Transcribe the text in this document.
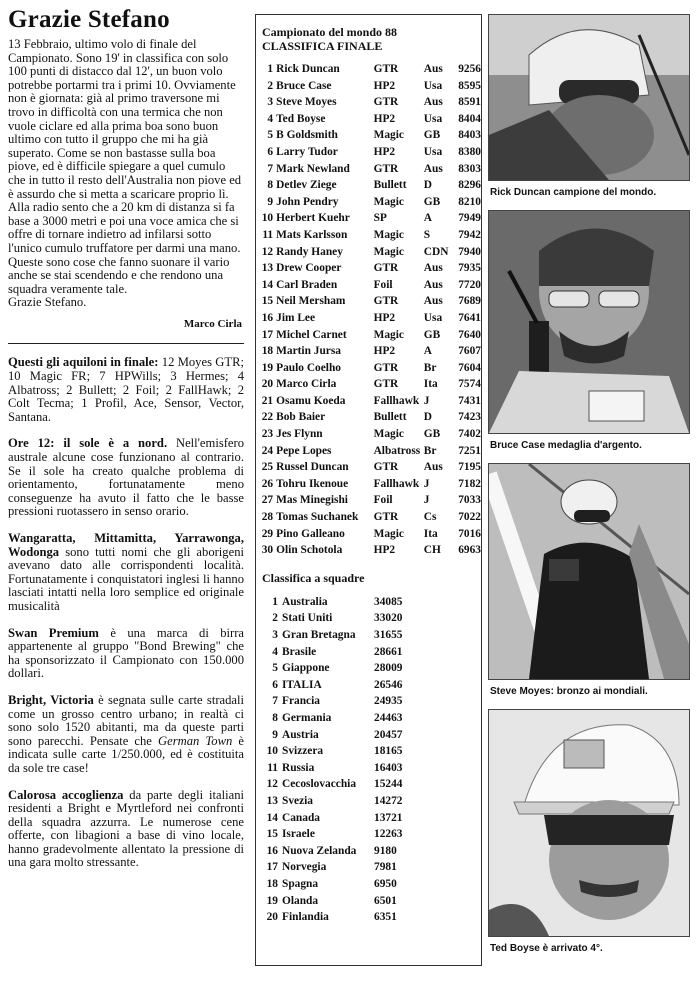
Grazie Stefano

13 Febbraio, ultimo volo di finale del Campionato. Sono 19' in classifica con solo 100 punti di distacco dal 12', un buon volo potrebbe portarmi tra i primi 10. Ovviamente non è giornata: già al primo traversone mi trovo in difficoltà con una termica che non vuole ciclare ed alla prima boa sono buon ultimo con tutto il gruppo che mi ha già superato. Come se non bastasse sulla boa piove, ed è difficile spiegare a quel cumulo che in tutto il resto dell'Australia non piove ed è assurdo che si metta a scaricare proprio lì. Alla radio sento che a 20 km di distanza si fa base a 3000 metri e poi una voce amica che si offre di tornare indietro ad infilarsi sotto l'unico cumulo truffatore per darmi una mano. Queste sono cose che fanno suonare il vario anche se stai scendendo e che rendono una squadra veramente tale.

Grazie Stefano.

Marco Cirla

Questi gli aquiloni in finale: 12 Moyes GTR; 10 Magic FR; 7 HPWills; 3 Hermes; 4 Albatross; 2 Bullett; 2 Foil; 2 FallHawk; 2 Colt Tecma; 1 Profil, Ace, Sensor, Vector, Santana.

Ore 12: il sole è a nord. Nell'emisfero australe alcune cose funzionano al contrario. Se il sole ha creato qualche problema di orientamento, fortunatamente meno conseguenze ha avuto il fatto che le basse pressioni ruotassero in senso orario.

Wangaratta, Mittamitta, Yarrawonga, Wodonga sono tutti nomi che gli aborigeni avevano dato alle corrispondenti località. Fortunatamente i conquistatori inglesi li hanno lasciati intatti nella loro semplice ed originale musicalità

Swan Premium è una marca di birra appartenente al gruppo "Bond Brewing" che ha sponsorizzato il Campionato con 150.000 dollari.

Bright, Victoria è segnata sulle carte stradali come un grosso centro urbano; in realtà ci sono solo 1520 abitanti, ma da queste parti sono parecchi. Pensate che German Town è indicata sulle carte 1/250.000, ed è costituita da sole tre case!

Calorosa accoglienza da parte degli italiani residenti a Bright e Myrtleford nei confronti della squadra azzurra. Le numerose cene offerte, con libagioni a base di vino locale, hanno gradevolmente allentato la pressione di una gara molto stressante.

Campionato del mondo 88
CLASSIFICA FINALE
1	Rick Duncan	GTR	Aus	9256
2	Bruce Case	HP2	Usa	8595
3	Steve Moyes	GTR	Aus	8591
4	Ted Boyse	HP2	Usa	8404
5	B Goldsmith	Magic	GB	8403
6	Larry Tudor	HP2	Usa	8380
7	Mark Newland	GTR	Aus	8303
8	Detlev Ziege	Bullett	D	8296
9	John Pendry	Magic	GB	8210
10	Herbert Kuehr	SP	A	7949
11	Mats Karlsson	Magic	S	7942
12	Randy Haney	Magic	CDN	7940
13	Drew Cooper	GTR	Aus	7935
14	Carl Braden	Foil	Aus	7720
15	Neil Mersham	GTR	Aus	7689
16	Jim Lee	HP2	Usa	7641
17	Michel Carnet	Magic	GB	7640
18	Martin Jursa	HP2	A	7607
19	Paulo Coelho	GTR	Br	7604
20	Marco Cirla	GTR	Ita	7574
21	Osamu Koeda	Fallhawk	J	7431
22	Bob Baier	Bullett	D	7423
23	Jes Flynn	Magic	GB	7402
24	Pepe Lopes	Albatross	Br	7251
25	Russel Duncan	GTR	Aus	7195
26	Tohru Ikenoue	Fallhawk	J	7182
27	Mas Minegishi	Foil	J	7033
28	Tomas Suchanek	GTR	Cs	7022
29	Pino Galleano	Magic	Ita	7016
30	Olin Schotola	HP2	CH	6963
Classifica a squadre
1	Australia	34085
2	Stati Uniti	33020
3	Gran Bretagna	31655
4	Brasile	28661
5	Giappone	28009
6	ITALIA	26546
7	Francia	24935
8	Germania	24463
9	Austria	20457
10	Svizzera	18165
11	Russia	16403
12	Cecoslovacchia	15244
13	Svezia	14272
14	Canada	13721
15	Israele	12263
16	Nuova Zelanda	9180
17	Norvegia	7981
18	Spagna	6950
19	Olanda	6501
20	Finlandia	6351
Rick Duncan campione del mondo.
Bruce Case medaglia d'argento.
Steve Moyes: bronzo ai mondiali.
Ted Boyse è arrivato 4°.
